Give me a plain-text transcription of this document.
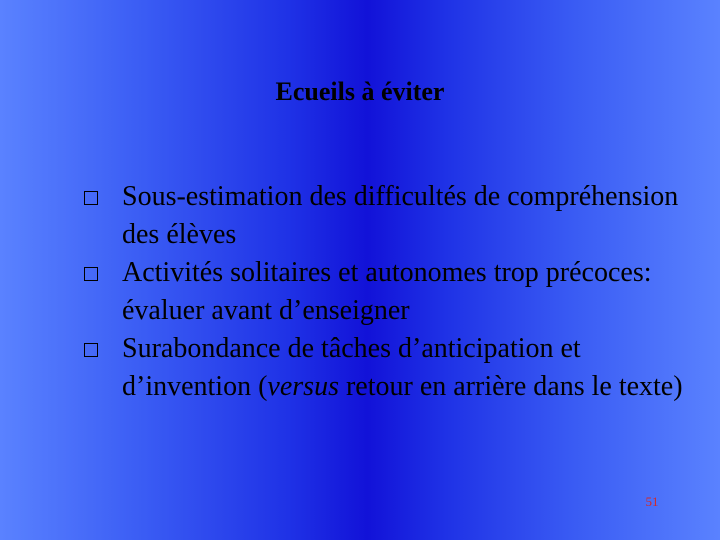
Ecueils à éviter
Sous-estimation des difficultés de compréhension des élèves
Activités solitaires et autonomes trop précoces: évaluer avant d’enseigner
Surabondance de tâches d’anticipation et d’invention (versus retour en arrière dans le texte)
51
